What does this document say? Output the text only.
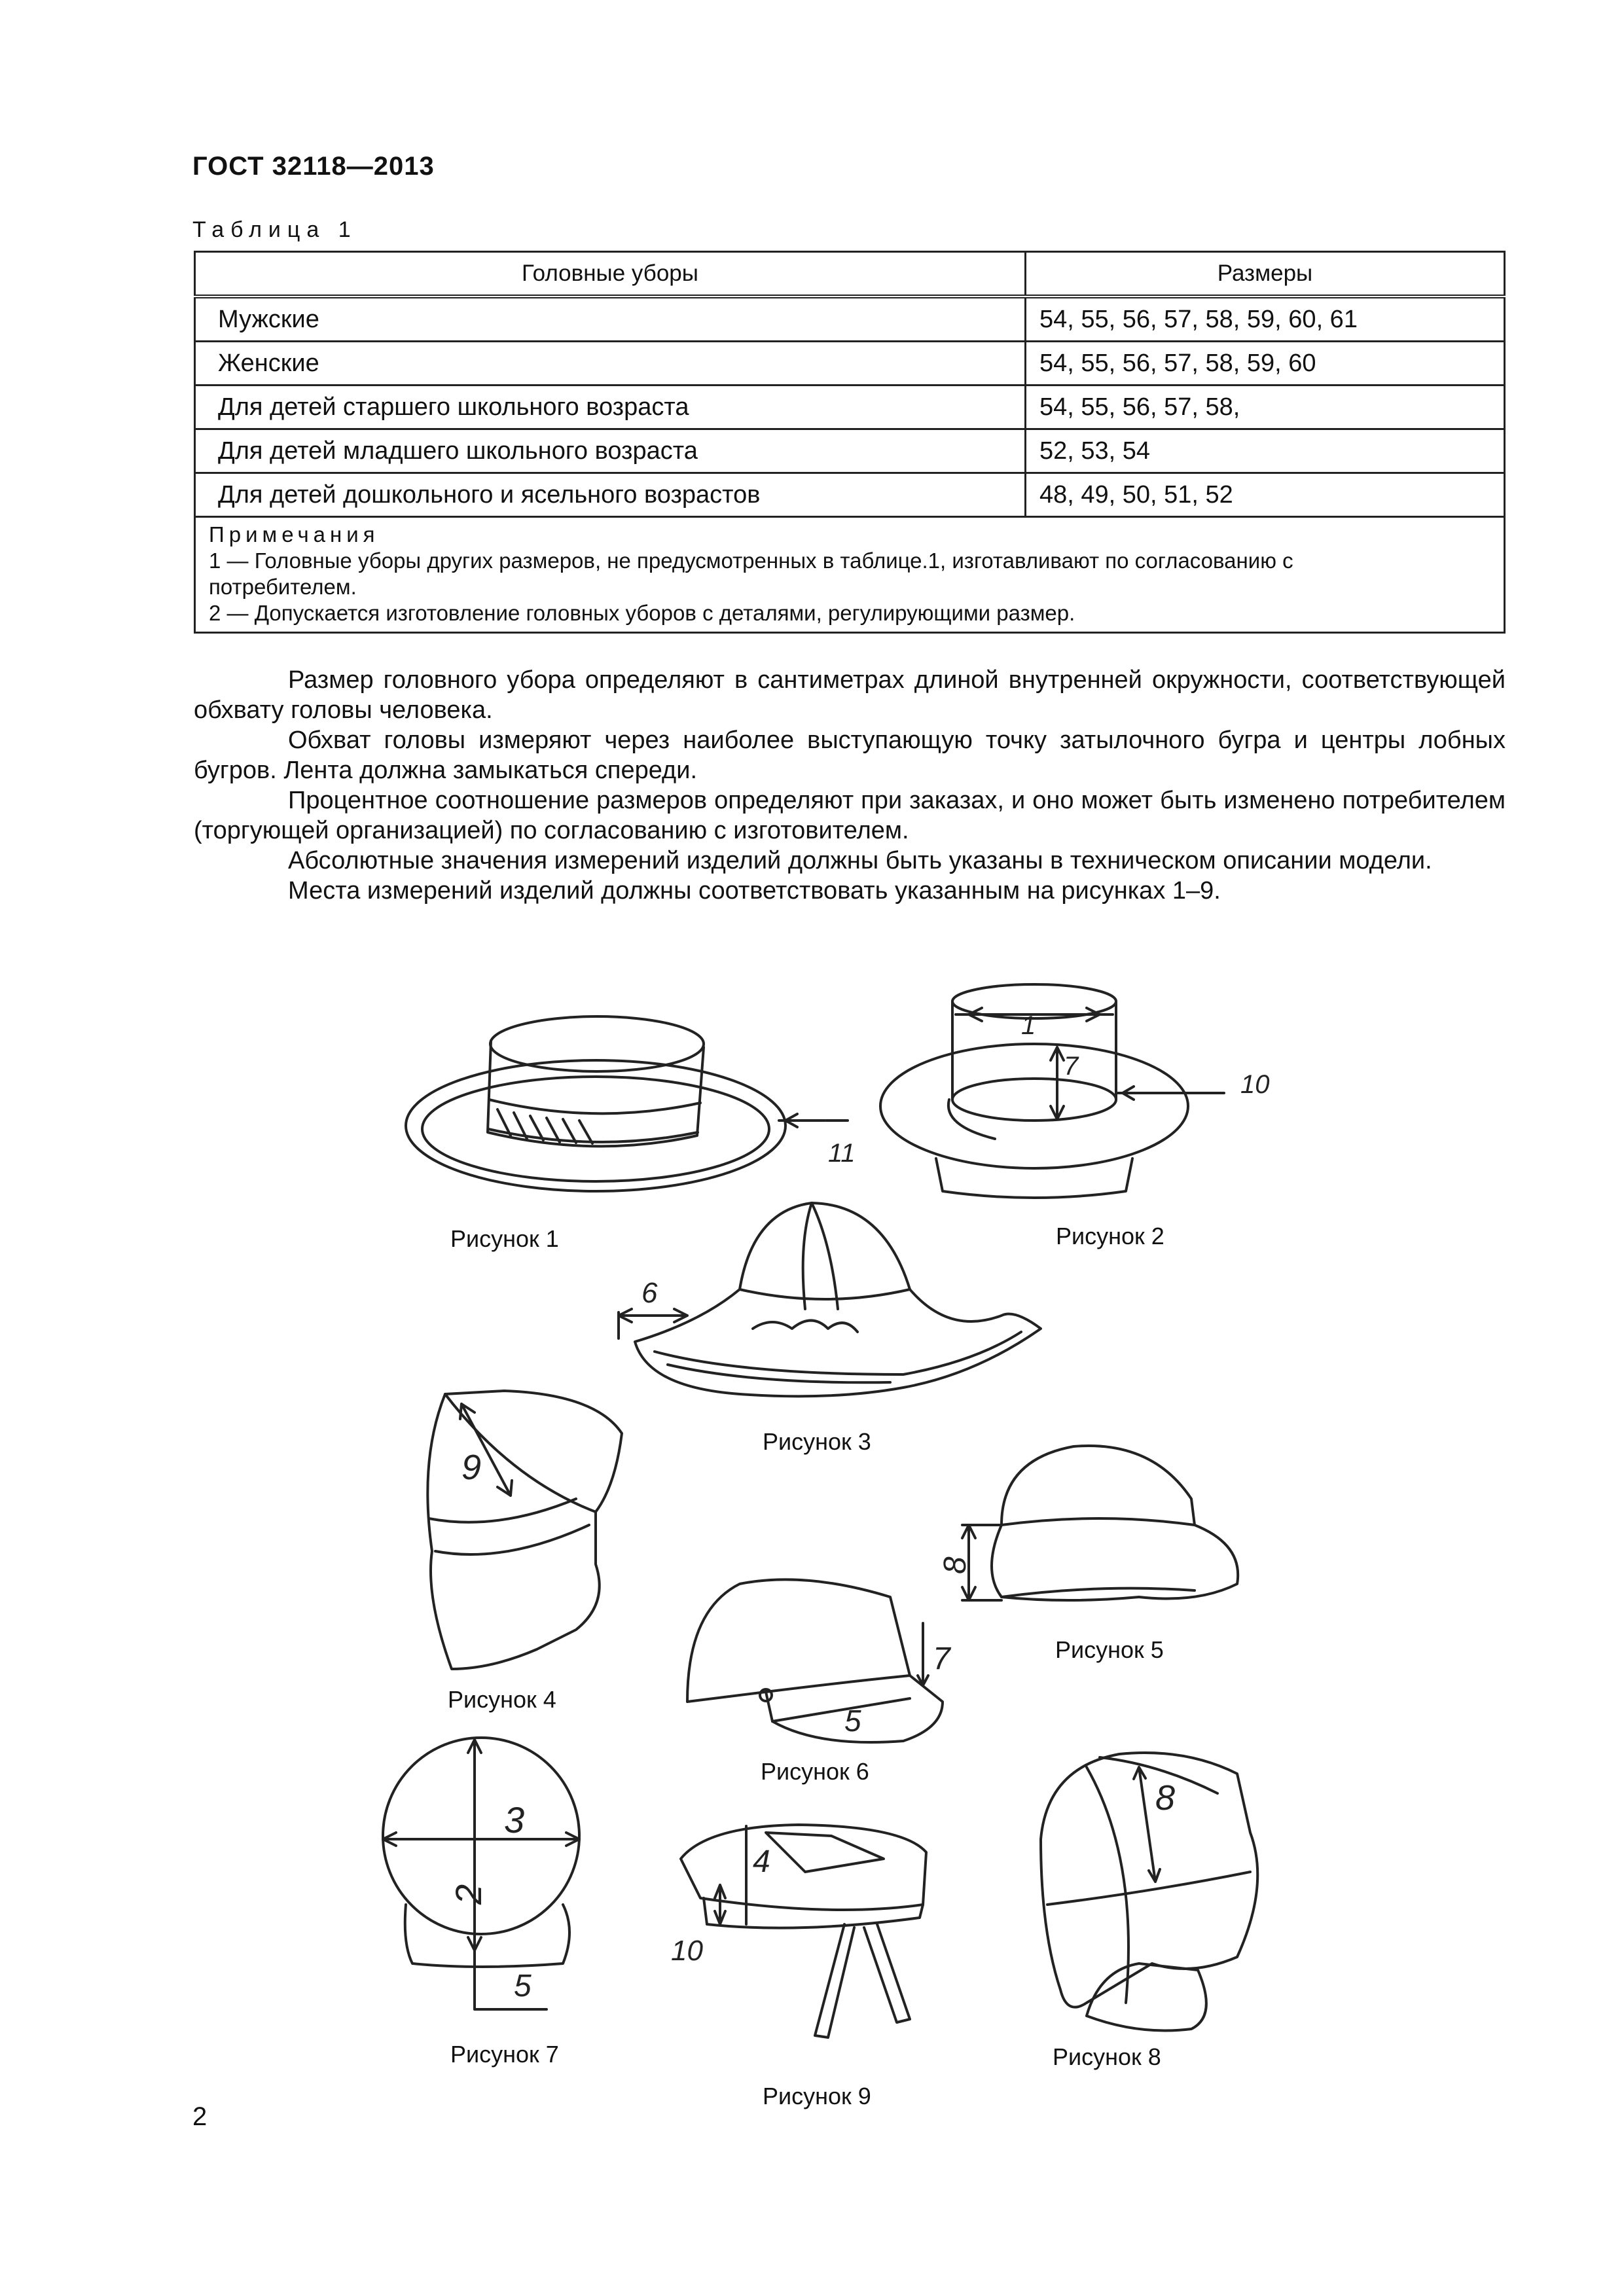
ГОСТ 32118—2013
Таблица 1
Головные уборы	Размеры
Мужские	54, 55, 56, 57, 58, 59, 60, 61
Женские	54, 55, 56, 57, 58, 59, 60
Для детей старшего школьного возраста	54, 55, 56, 57, 58,
Для детей младшего школьного возраста	52, 53, 54
Для детей дошкольного и ясельного возрастов	48, 49, 50, 51, 52

Примечания
1 — Головные уборы других размеров, не предусмотренных в таблице.1, изготавливают по согласованию с
потребителем.
2 — Допускается изготовление головных уборов с деталями, регулирующими размер.	

Размер головного убора определяют в сантиметрах длиной внутренней окружности, соответствующей обхвату головы человека.

Обхват головы измеряют через наиболее выступающую точку затылочного бугра и центры лобных бугров. Лента должна замыкаться спереди.

Процентное соотношение размеров определяют при заказах, и оно может быть изменено потребителем (торгующей организацией) по согласованию с изготовителем.

Абсолютные значения измерений изделий должны быть указаны в техническом описании модели.

Места измерений изделий должны соответствовать указанным на рисунках 1–9.

11
Рисунок 1
1
7
10
Рисунок 2
6
Рисунок 3
9
Рисунок 4
8
Рисунок 5
7
5
Рисунок 6
3
2
5
Рисунок 7
4
10
Рисунок 9
8
Рисунок 8
2
